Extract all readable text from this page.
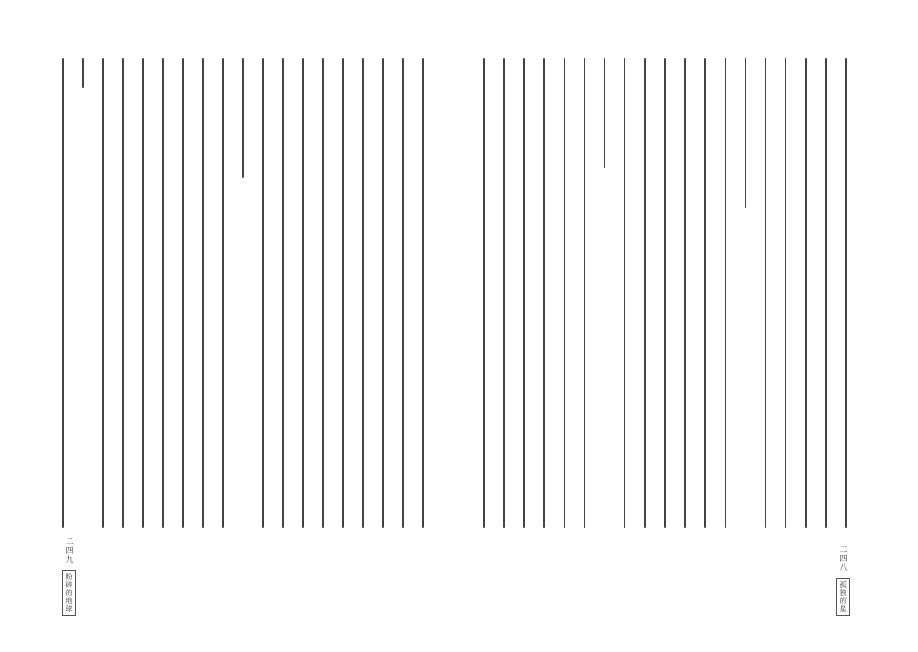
二四九
粉碎的地球
二四八
孤独的星
